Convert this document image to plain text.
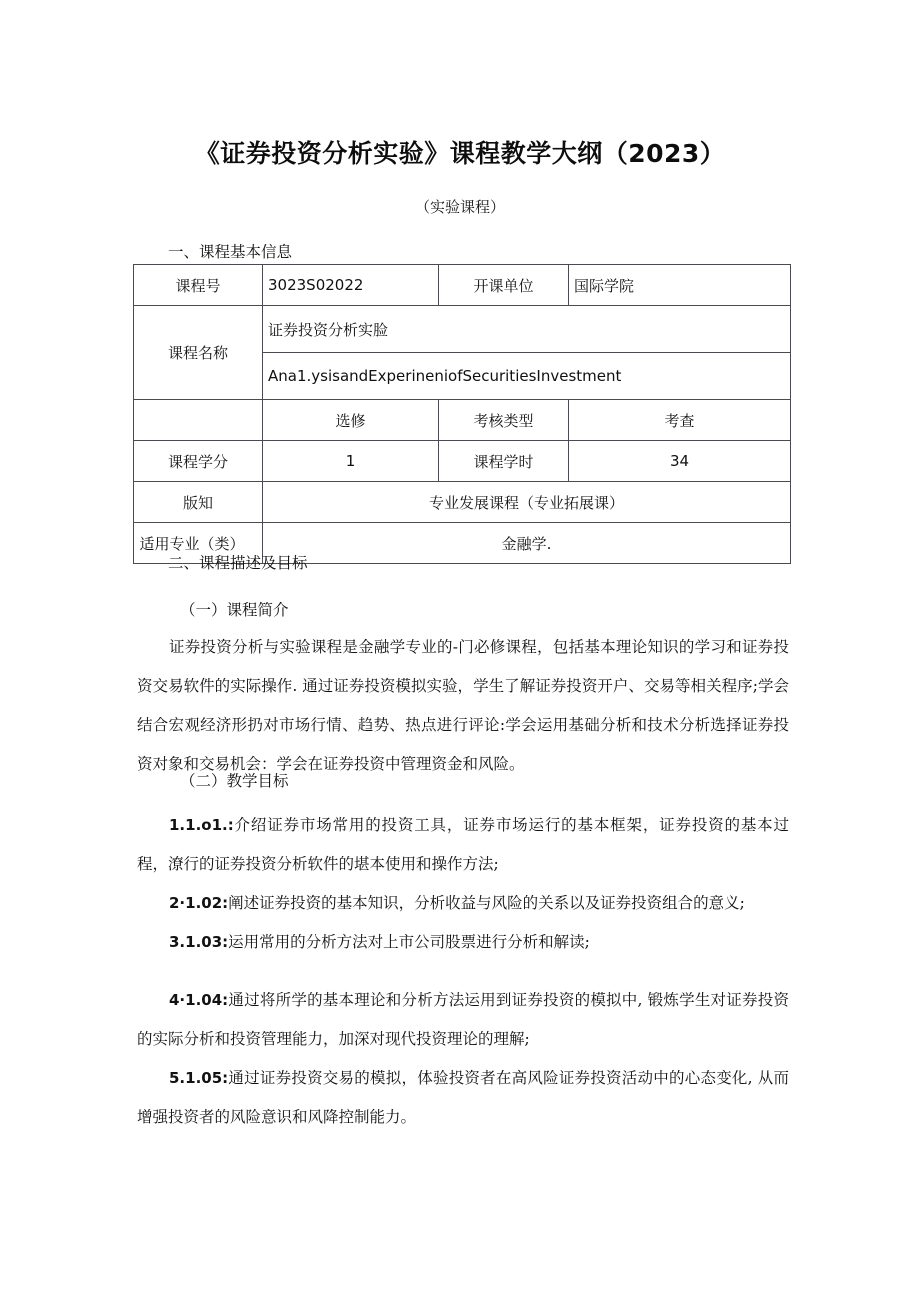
《证券投资分析实验》课程教学大纲（2023）
（实验课程）
一、课程基本信息
课程号	3023S02022	开课单位	国际学院
课程名称	证券投资分析实脸
Ana1.ysisandExperineniofSecuritiesInvestment
	选修	考核类型	考查
课程学分	1	课程学时	34
版知	专业发展课程（专业拓展课）
适用专业（类）	金融学.
二、课程描述及目标
（一）课程简介
证券投资分析与实验课程是金融学专业的-门必修课程，包括基本理论知识的学习和证券投资交易软件的实际操作. 通过证券投资模拟实验，学生了解证券投资开户、交易等相关程序;学会结合宏观经济形扔对市场行情、趋势、热点进行评论:学会运用基础分析和技术分析选择证券投资对象和交易机会：学会在证券投资中管理资金和风险。
（二）教学目标
1.1.o1.:介绍证券市场常用的投资工具，证券市场运行的基本框架，证券投资的基本过程，潦行的证券投资分析软件的堪本使用和操作方法;
2·1.02:阐述证券投资的基本知识，分析收益与风险的关系以及证券投资组合的意义;
3.1.03:运用常用的分析方法对上市公司股票进行分析和解读;
4·1.04:通过将所学的基本理论和分析方法运用到证券投资的模拟中, 锻炼学生对证券投资的实际分析和投资管理能力，加深对现代投资理论的理解;
5.1.05:通过证券投资交易的模拟，体验投资者在高风险证券投资活动中的心态变化, 从而增强投资者的风险意识和风降控制能力。
